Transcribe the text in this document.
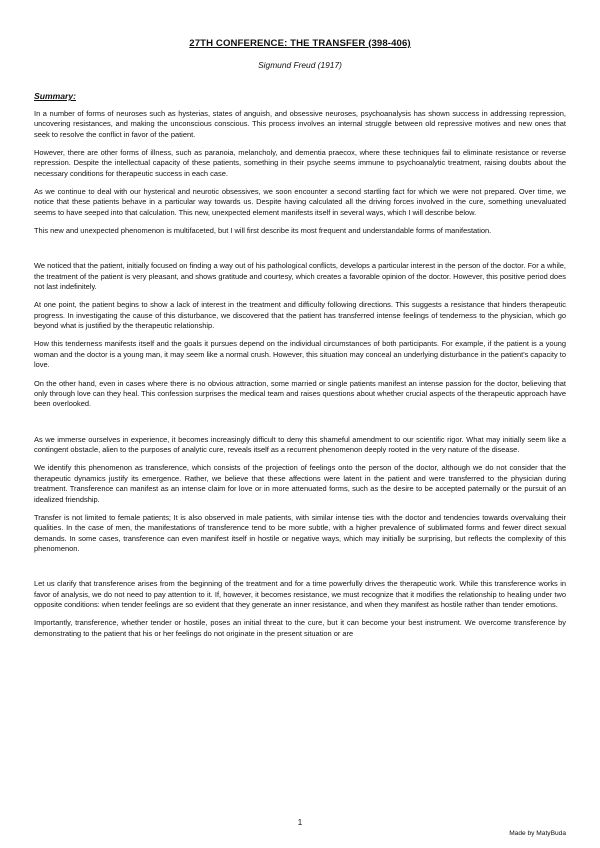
27TH CONFERENCE: THE TRANSFER (398-406)
Sigmund Freud (1917)
Summary:

In a number of forms of neuroses such as hysterias, states of anguish, and obsessive neuroses, psychoanalysis has shown success in addressing repression, uncovering resistances, and making the unconscious conscious. This process involves an internal struggle between old repressive motives and new ones that seek to resolve the conflict in favor of the patient.

However, there are other forms of illness, such as paranoia, melancholy, and dementia praecox, where these techniques fail to eliminate resistance or reverse repression. Despite the intellectual capacity of these patients, something in their psyche seems immune to psychoanalytic treatment, raising doubts about the necessary conditions for therapeutic success in each case.

As we continue to deal with our hysterical and neurotic obsessives, we soon encounter a second startling fact for which we were not prepared. Over time, we notice that these patients behave in a particular way towards us. Despite having calculated all the driving forces involved in the cure, something unevaluated seems to have seeped into that calculation. This new, unexpected element manifests itself in several ways, which I will describe below.

This new and unexpected phenomenon is multifaceted, but I will first describe its most frequent and understandable forms of manifestation.

We noticed that the patient, initially focused on finding a way out of his pathological conflicts, develops a particular interest in the person of the doctor. For a while, the treatment of the patient is very pleasant, and shows gratitude and courtesy, which creates a favorable opinion of the doctor. However, this positive period does not last indefinitely.

At one point, the patient begins to show a lack of interest in the treatment and difficulty following directions. This suggests a resistance that hinders therapeutic progress. In investigating the cause of this disturbance, we discovered that the patient has transferred intense feelings of tenderness to the physician, which go beyond what is justified by the therapeutic relationship.

How this tenderness manifests itself and the goals it pursues depend on the individual circumstances of both participants. For example, if the patient is a young woman and the doctor is a young man, it may seem like a normal crush. However, this situation may conceal an underlying disturbance in the patient's capacity to love.

On the other hand, even in cases where there is no obvious attraction, some married or single patients manifest an intense passion for the doctor, believing that only through love can they heal. This confession surprises the medical team and raises questions about whether crucial aspects of the therapeutic approach have been overlooked.

As we immerse ourselves in experience, it becomes increasingly difficult to deny this shameful amendment to our scientific rigor. What may initially seem like a contingent obstacle, alien to the purposes of analytic cure, reveals itself as a recurrent phenomenon deeply rooted in the very nature of the disease.

We identify this phenomenon as transference, which consists of the projection of feelings onto the person of the doctor, although we do not consider that the therapeutic dynamics justify its emergence. Rather, we believe that these affections were latent in the patient and were transferred to the physician during treatment. Transference can manifest as an intense claim for love or in more attenuated forms, such as the desire to be accepted paternally or the pursuit of an idealized friendship.

Transfer is not limited to female patients; It is also observed in male patients, with similar intense ties with the doctor and tendencies towards overvaluing their qualities. In the case of men, the manifestations of transference tend to be more subtle, with a higher prevalence of sublimated forms and fewer direct sexual demands. In some cases, transference can even manifest itself in hostile or negative ways, which may initially be surprising, but reflects the complexity of this phenomenon.

Let us clarify that transference arises from the beginning of the treatment and for a time powerfully drives the therapeutic work. While this transference works in favor of analysis, we do not need to pay attention to it. If, however, it becomes resistance, we must recognize that it modifies the relationship to healing under two opposite conditions: when tender feelings are so evident that they generate an inner resistance, and when they manifest as hostile rather than tender emotions.

Importantly, transference, whether tender or hostile, poses an initial threat to the cure, but it can become your best instrument. We overcome transference by demonstrating to the patient that his or her feelings do not originate in the present situation or are

1
Made by MatyBuda
